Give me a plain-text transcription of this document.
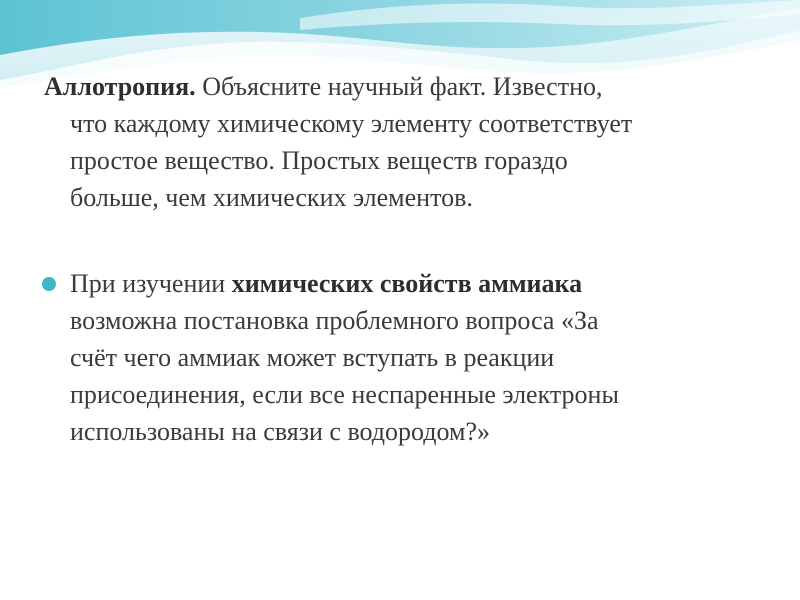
Аллотропия. Объясните научный факт. Известно,
что каждому химическому элементу соответствует
простое вещество. Простых веществ гораздо
больше, чем химических элементов.
При изучении химических свойств аммиака
возможна постановка проблемного вопроса «За
счёт чего аммиак может вступать в реакции
присоединения, если все неспаренные электроны
использованы на связи с водородом?»
